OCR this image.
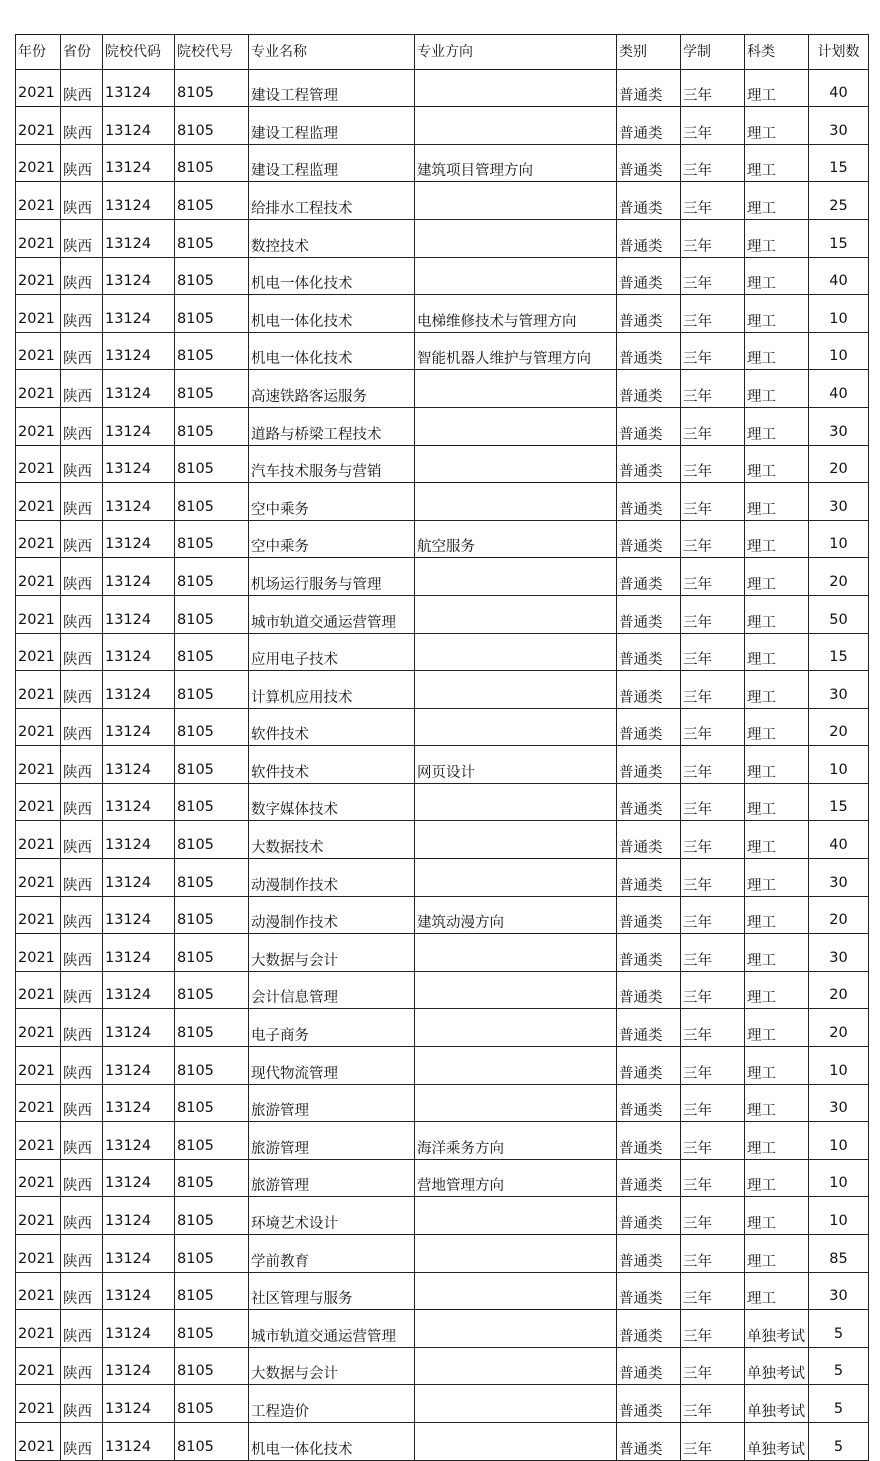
年份	省份	院校代码	院校代号	专业名称	专业方向	类别	学制	科类	计划数
2021	陕西	13124	8105	建设工程管理		普通类	三年	理工	40
2021	陕西	13124	8105	建设工程监理		普通类	三年	理工	30
2021	陕西	13124	8105	建设工程监理	建筑项目管理方向	普通类	三年	理工	15
2021	陕西	13124	8105	给排水工程技术		普通类	三年	理工	25
2021	陕西	13124	8105	数控技术		普通类	三年	理工	15
2021	陕西	13124	8105	机电一体化技术		普通类	三年	理工	40
2021	陕西	13124	8105	机电一体化技术	电梯维修技术与管理方向	普通类	三年	理工	10
2021	陕西	13124	8105	机电一体化技术	智能机器人维护与管理方向	普通类	三年	理工	10
2021	陕西	13124	8105	高速铁路客运服务		普通类	三年	理工	40
2021	陕西	13124	8105	道路与桥梁工程技术		普通类	三年	理工	30
2021	陕西	13124	8105	汽车技术服务与营销		普通类	三年	理工	20
2021	陕西	13124	8105	空中乘务		普通类	三年	理工	30
2021	陕西	13124	8105	空中乘务	航空服务	普通类	三年	理工	10
2021	陕西	13124	8105	机场运行服务与管理		普通类	三年	理工	20
2021	陕西	13124	8105	城市轨道交通运营管理		普通类	三年	理工	50
2021	陕西	13124	8105	应用电子技术		普通类	三年	理工	15
2021	陕西	13124	8105	计算机应用技术		普通类	三年	理工	30
2021	陕西	13124	8105	软件技术		普通类	三年	理工	20
2021	陕西	13124	8105	软件技术	网页设计	普通类	三年	理工	10
2021	陕西	13124	8105	数字媒体技术		普通类	三年	理工	15
2021	陕西	13124	8105	大数据技术		普通类	三年	理工	40
2021	陕西	13124	8105	动漫制作技术		普通类	三年	理工	30
2021	陕西	13124	8105	动漫制作技术	建筑动漫方向	普通类	三年	理工	20
2021	陕西	13124	8105	大数据与会计		普通类	三年	理工	30
2021	陕西	13124	8105	会计信息管理		普通类	三年	理工	20
2021	陕西	13124	8105	电子商务		普通类	三年	理工	20
2021	陕西	13124	8105	现代物流管理		普通类	三年	理工	10
2021	陕西	13124	8105	旅游管理		普通类	三年	理工	30
2021	陕西	13124	8105	旅游管理	海洋乘务方向	普通类	三年	理工	10
2021	陕西	13124	8105	旅游管理	营地管理方向	普通类	三年	理工	10
2021	陕西	13124	8105	环境艺术设计		普通类	三年	理工	10
2021	陕西	13124	8105	学前教育		普通类	三年	理工	85
2021	陕西	13124	8105	社区管理与服务		普通类	三年	理工	30
2021	陕西	13124	8105	城市轨道交通运营管理		普通类	三年	单独考试	5
2021	陕西	13124	8105	大数据与会计		普通类	三年	单独考试	5
2021	陕西	13124	8105	工程造价		普通类	三年	单独考试	5
2021	陕西	13124	8105	机电一体化技术		普通类	三年	单独考试	5
